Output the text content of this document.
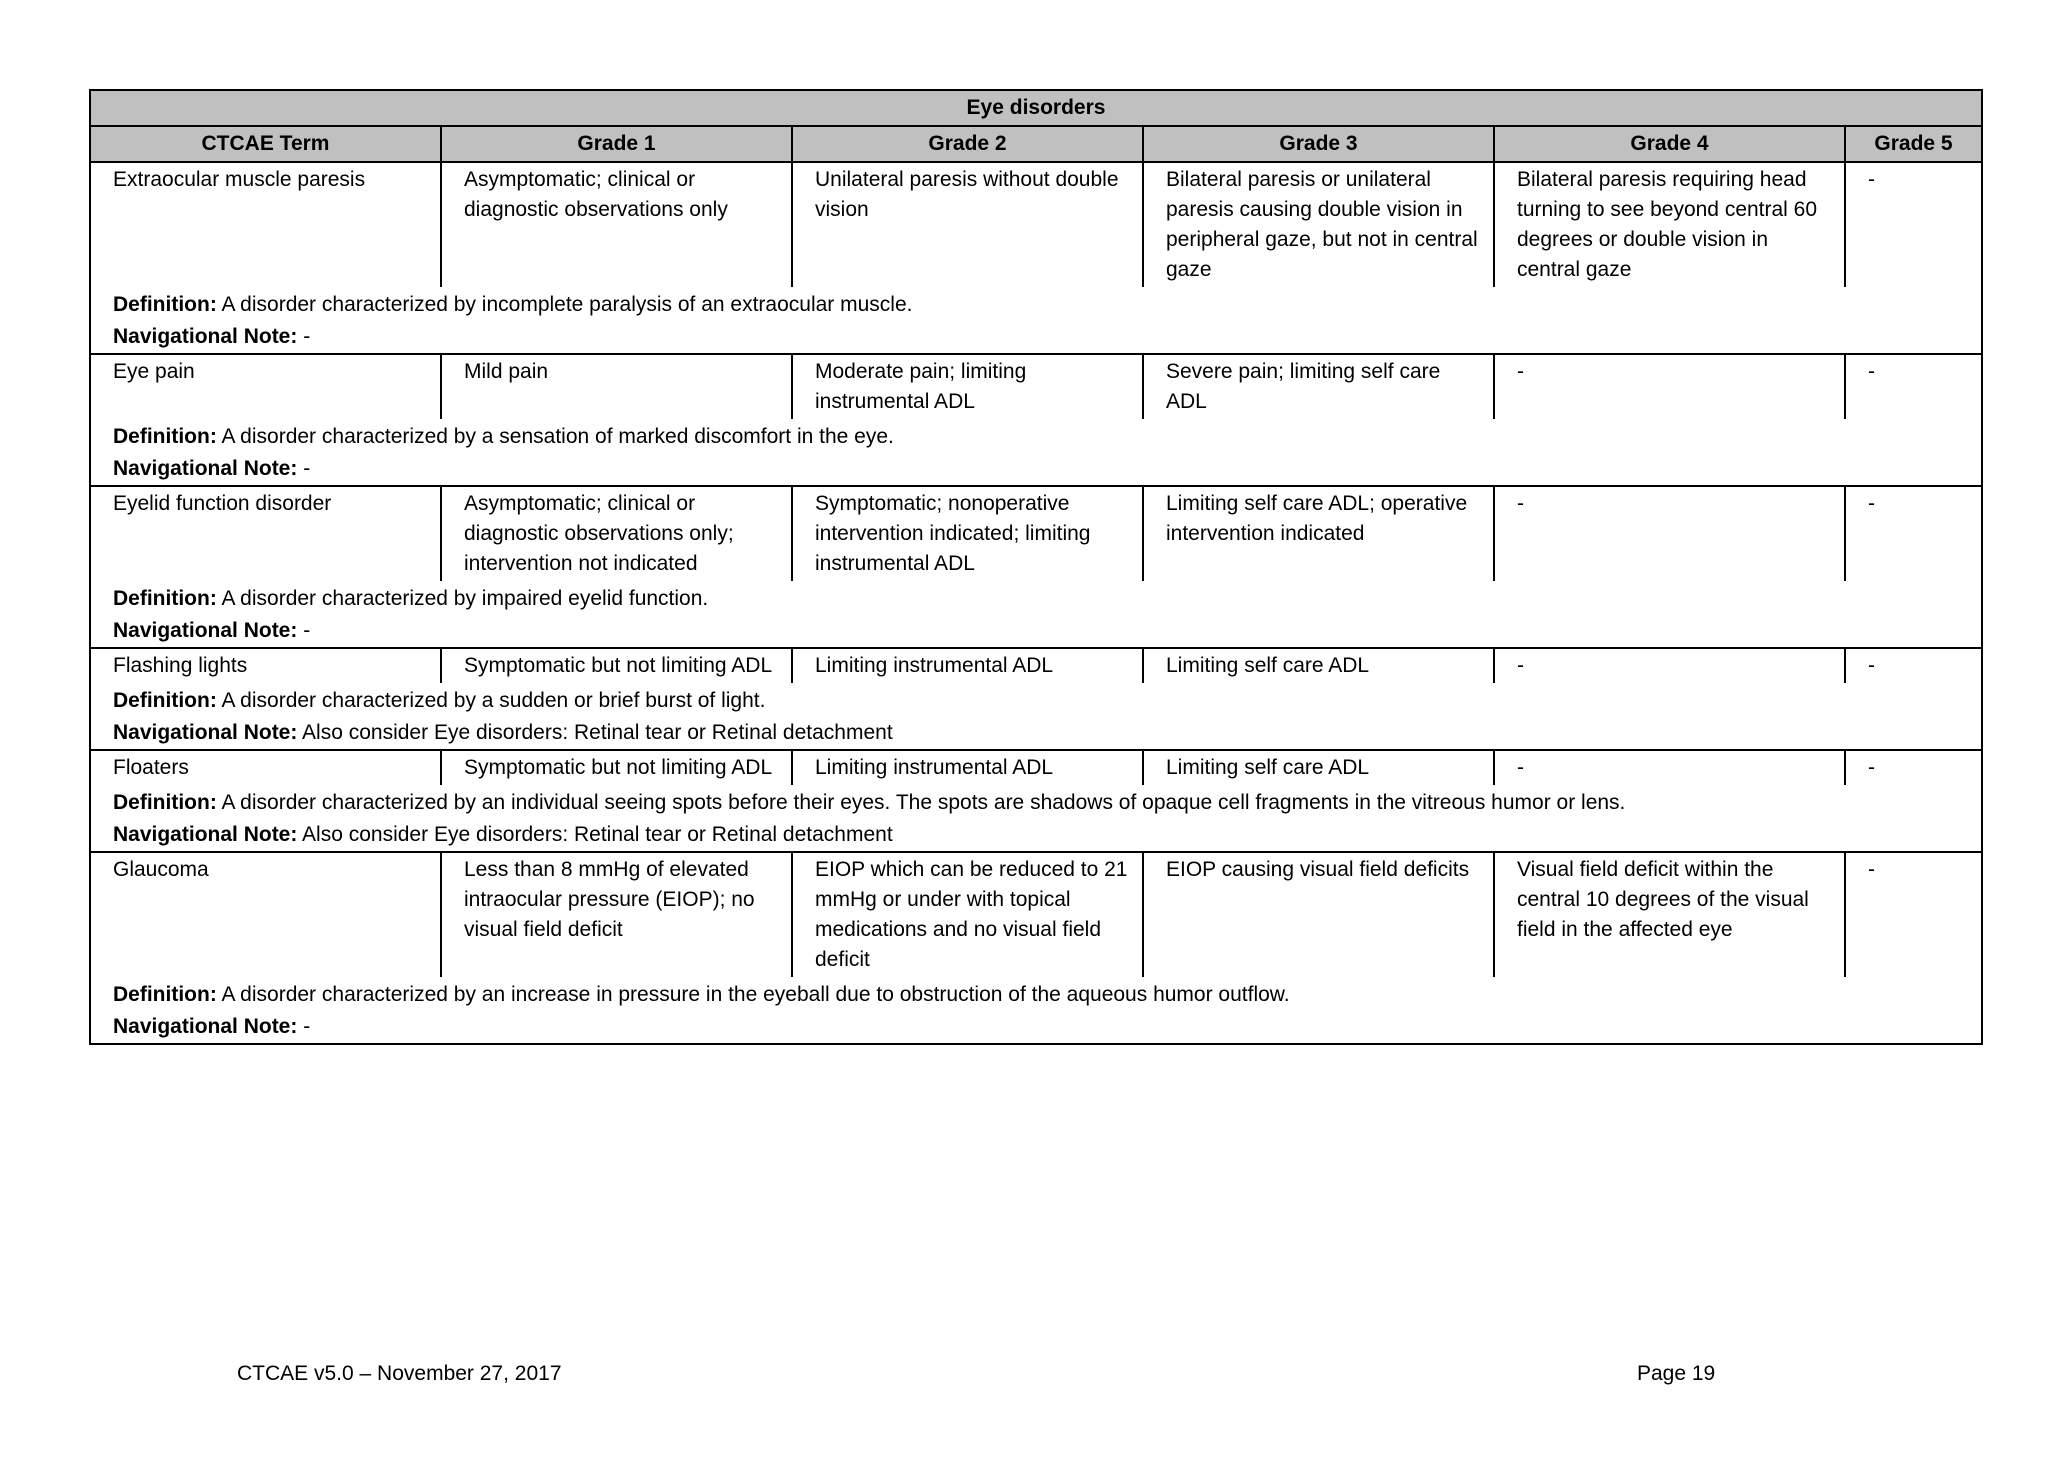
Eye disorders					
CTCAE Term	Grade 1	Grade 2	Grade 3	Grade 4	Grade 5
Extraocular muscle paresis	Asymptomatic; clinical or diagnostic observations only	Unilateral paresis without double vision	Bilateral paresis or unilateral paresis causing double vision in peripheral gaze, but not in central gaze	Bilateral paresis requiring head turning to see beyond central 60 degrees or double vision in central gaze	-
Definition: A disorder characterized by incomplete paralysis of an extraocular muscle.					
Navigational Note: -					
Eye pain	Mild pain	Moderate pain; limiting instrumental ADL	Severe pain; limiting self care ADL	-	-
Definition: A disorder characterized by a sensation of marked discomfort in the eye.					
Navigational Note: -					
Eyelid function disorder	Asymptomatic; clinical or diagnostic observations only; intervention not indicated	Symptomatic; nonoperative intervention indicated; limiting instrumental ADL	Limiting self care ADL; operative intervention indicated	-	-
Definition: A disorder characterized by impaired eyelid function.					
Navigational Note: -					
Flashing lights	Symptomatic but not limiting ADL	Limiting instrumental ADL	Limiting self care ADL	-	-
Definition: A disorder characterized by a sudden or brief burst of light.					
Navigational Note: Also consider Eye disorders: Retinal tear or Retinal detachment					
Floaters	Symptomatic but not limiting ADL	Limiting instrumental ADL	Limiting self care ADL	-	-
Definition: A disorder characterized by an individual seeing spots before their eyes. The spots are shadows of opaque cell fragments in the vitreous humor or lens.					
Navigational Note: Also consider Eye disorders: Retinal tear or Retinal detachment					
Glaucoma	Less than 8 mmHg of elevated intraocular pressure (EIOP); no visual field deficit	EIOP which can be reduced to 21 mmHg or under with topical medications and no visual field deficit	EIOP causing visual field deficits	Visual field deficit within the central 10 degrees of the visual field in the affected eye	-
Definition: A disorder characterized by an increase in pressure in the eyeball due to obstruction of the aqueous humor outflow.					
Navigational Note: -					
CTCAE v5.0 – November 27, 2017	Page 19
